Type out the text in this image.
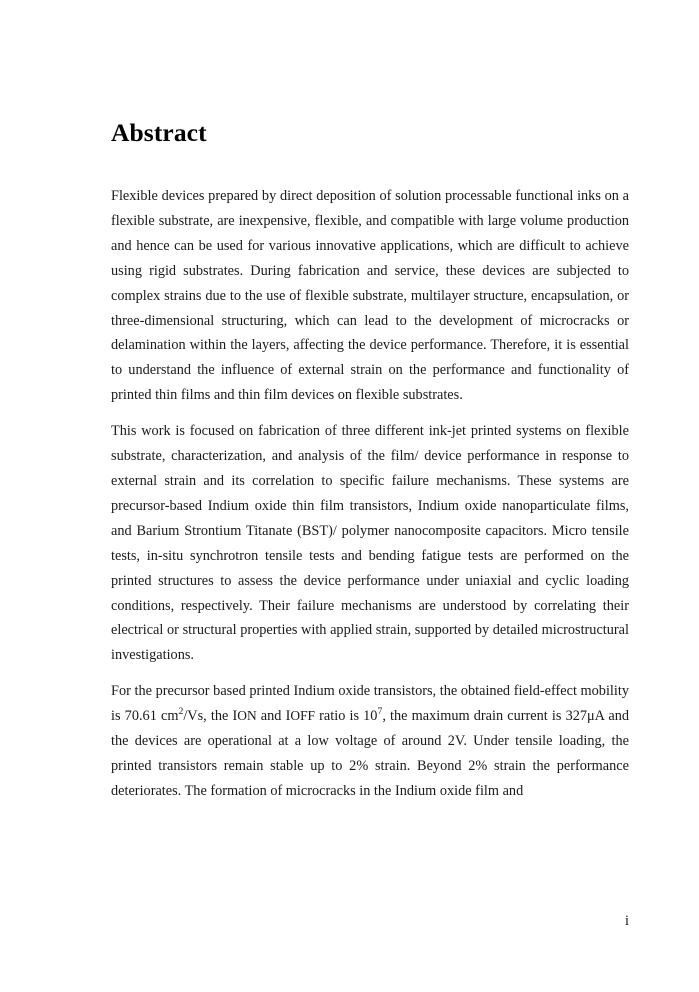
Abstract

Flexible devices prepared by direct deposition of solution processable functional inks on a flexible substrate, are inexpensive, flexible, and compatible with large volume production and hence can be used for various innovative applications, which are difficult to achieve using rigid substrates. During fabrication and service, these devices are subjected to complex strains due to the use of flexible substrate, multilayer structure, encapsulation, or three-dimensional structuring, which can lead to the development of microcracks or delamination within the layers, affecting the device performance. Therefore, it is essential to understand the influence of external strain on the performance and functionality of printed thin films and thin film devices on flexible substrates.

This work is focused on fabrication of three different ink-jet printed systems on flexible substrate, characterization, and analysis of the film/ device performance in response to external strain and its correlation to specific failure mechanisms. These systems are precursor-based Indium oxide thin film transistors, Indium oxide nanoparticulate films, and Barium Strontium Titanate (BST)/ polymer nanocomposite capacitors. Micro tensile tests, in-situ synchrotron tensile tests and bending fatigue tests are performed on the printed structures to assess the device performance under uniaxial and cyclic loading conditions, respectively. Their failure mechanisms are understood by correlating their electrical or structural properties with applied strain, supported by detailed microstructural investigations.

For the precursor based printed Indium oxide transistors, the obtained field-effect mobility is 70.61 $cm^2/Vs$, the ION and IOFF ratio is $10^7$, the maximum drain current is 327μA and the devices are operational at a low voltage of around 2V. Under tensile loading, the printed transistors remain stable up to 2% strain. Beyond 2% strain the performance deteriorates. The formation of microcracks in the Indium oxide film and

i
